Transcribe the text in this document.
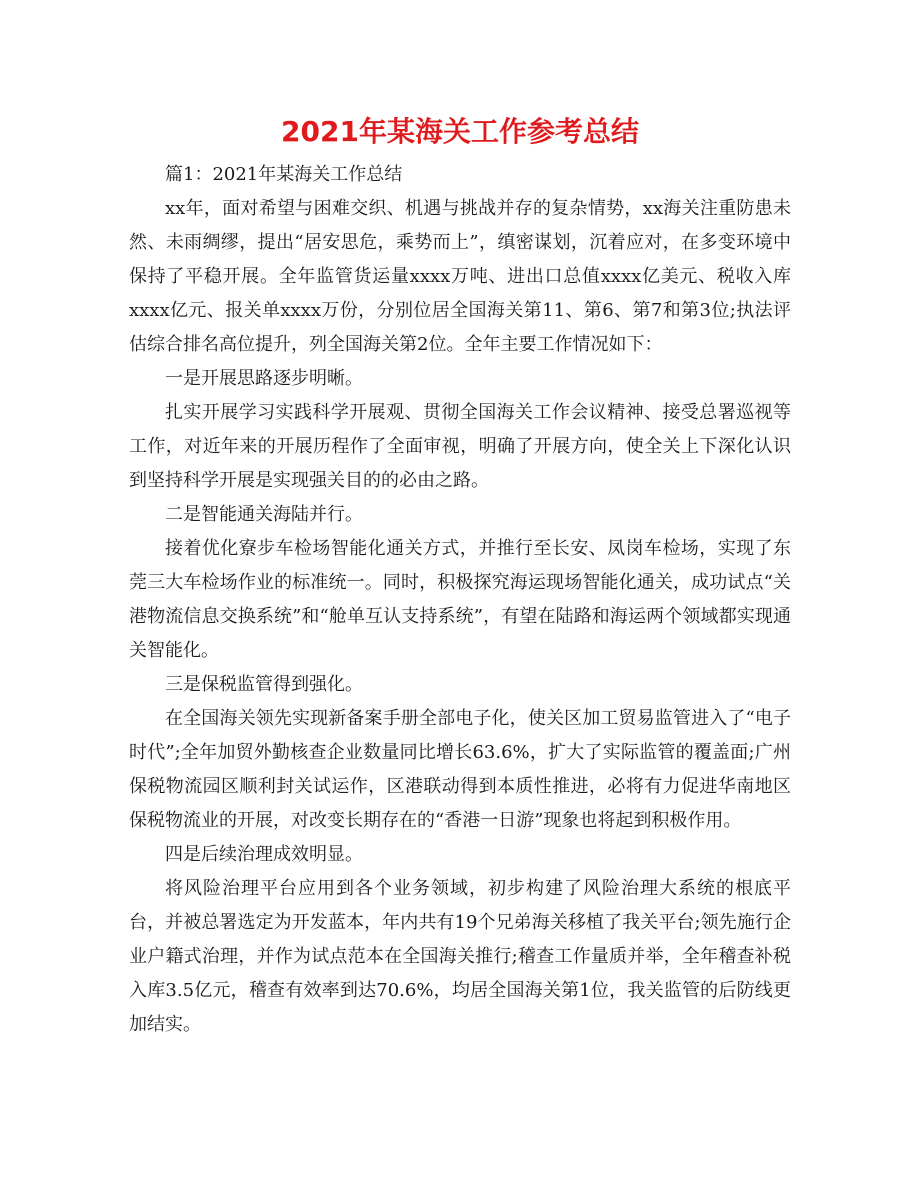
2021年某海关工作参考总结

篇1：2021年某海关工作总结

xx年，面对希望与困难交织、机遇与挑战并存的复杂情势，xx海关注重防患未然、未雨绸缪，提出“居安思危，乘势而上”，缜密谋划，沉着应对，在多变环境中保持了平稳开展。全年监管货运量xxxx万吨、进出口总值xxxx亿美元、税收入库xxxx亿元、报关单xxxx万份，分别位居全国海关第11、第6、第7和第3位;执法评估综合排名高位提升，列全国海关第2位。全年主要工作情况如下：

一是开展思路逐步明晰。

扎实开展学习实践科学开展观、贯彻全国海关工作会议精神、接受总署巡视等工作，对近年来的开展历程作了全面审视，明确了开展方向，使全关上下深化认识到坚持科学开展是实现强关目的的必由之路。

二是智能通关海陆并行。

接着优化寮步车检场智能化通关方式，并推行至长安、凤岗车检场，实现了东莞三大车检场作业的标准统一。同时，积极探究海运现场智能化通关，成功试点“关港物流信息交换系统”和“舱单互认支持系统”，有望在陆路和海运两个领域都实现通关智能化。

三是保税监管得到强化。

在全国海关领先实现新备案手册全部电子化，使关区加工贸易监管进入了“电子时代”;全年加贸外勤核查企业数量同比增长63.6%，扩大了实际监管的覆盖面;广州保税物流园区顺利封关试运作，区港联动得到本质性推进，必将有力促进华南地区保税物流业的开展，对改变长期存在的“香港一日游”现象也将起到积极作用。

四是后续治理成效明显。

将风险治理平台应用到各个业务领域，初步构建了风险治理大系统的根底平台，并被总署选定为开发蓝本，年内共有19个兄弟海关移植了我关平台;领先施行企业户籍式治理，并作为试点范本在全国海关推行;稽查工作量质并举，全年稽查补税入库3.5亿元，稽查有效率到达70.6%，均居全国海关第1位，我关监管的后防线更加结实。
